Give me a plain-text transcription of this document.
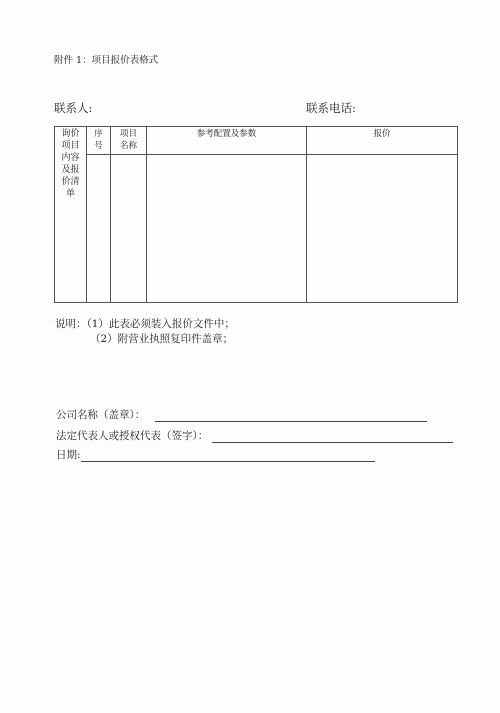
附件 1：项目报价表格式
联系人:	联系电话:
询价项目内容及报价清单	序号	项目名称	参考配置及参数	报价

说明：（1）此表必须装入报价文件中；
（2）附营业执照复印件盖章；
公司名称（盖章）：
法定代表人或授权代表（签字）：
日期:
